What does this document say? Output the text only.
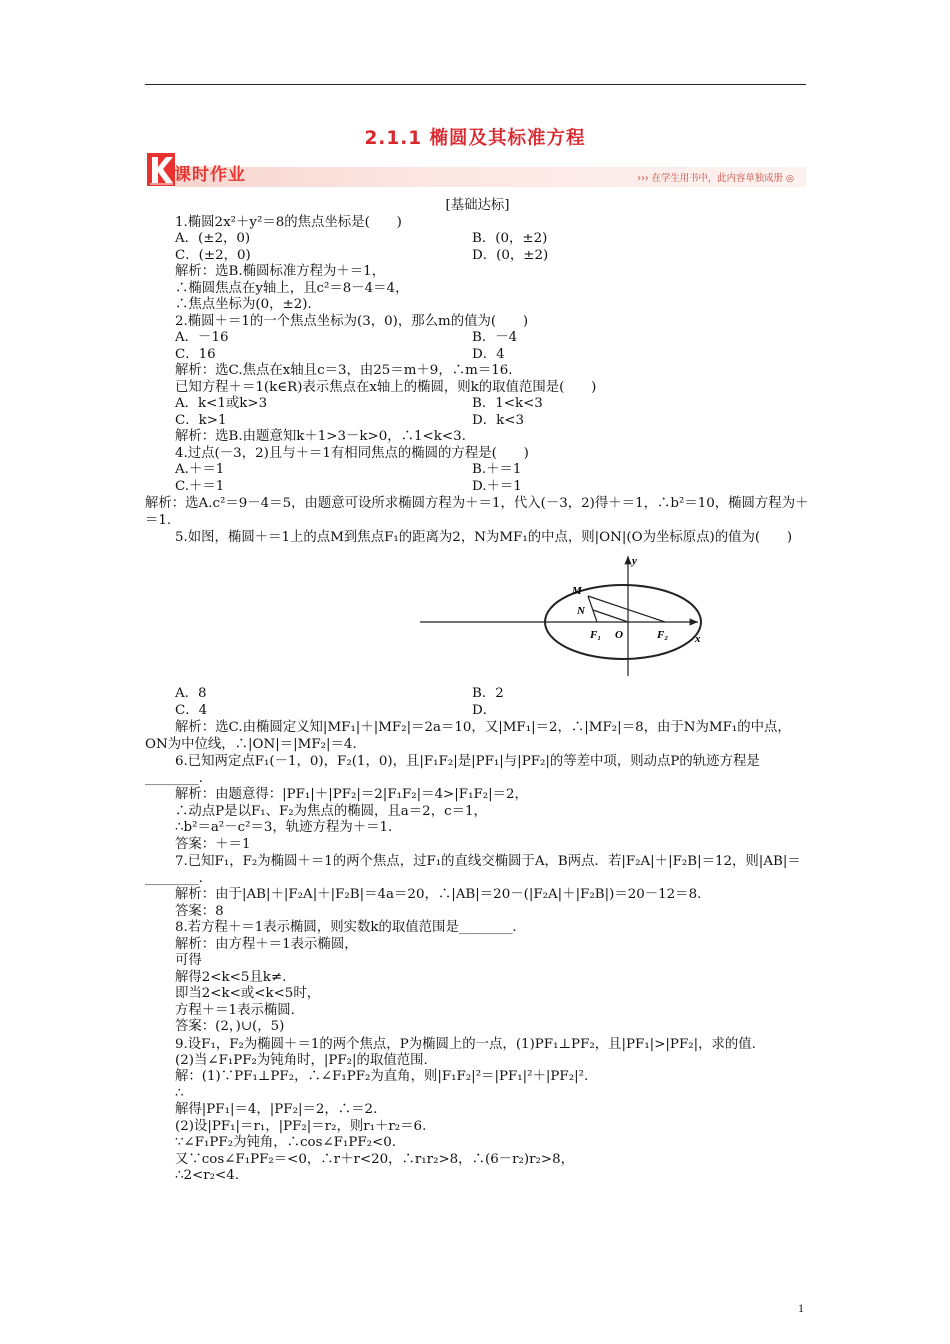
2.1.1 椭圆及其标准方程
课时作业	››› 在学生用书中，此内容单独成册 ◎
[基础达标]
1.椭圆2x²＋y²＝8的焦点坐标是(　　)
A．(±2，0)	B．(0，±2)
C．(±2，0)	D．(0，±2)
解析：选B.椭圆标准方程为＋＝1，
∴椭圆焦点在y轴上，且c²＝8－4＝4，
∴焦点坐标为(0，±2)．
2.椭圆＋＝1的一个焦点坐标为(3，0)，那么m的值为(　　)
A．－16	B．－4
C．16	D．4
解析：选C.焦点在x轴且c＝3，由25＝m＋9，∴m＝16.
已知方程＋＝1(k∈R)表示焦点在x轴上的椭圆，则k的取值范围是(　　)
A．k<1或k>3	B．1<k<3
C．k>1	D．k<3
解析：选B.由题意知k＋1>3－k>0，∴1<k<3.
4.过点(－3，2)且与＋＝1有相同焦点的椭圆的方程是(　　)
A.＋＝1	B.＋＝1
C.＋＝1	D.＋＝1
解析：选A.c²＝9－4＝5，由题意可设所求椭圆方程为＋＝1，代入(－3，2)得＋＝1，∴b²＝10，椭圆方程为＋＝1.
5.如图，椭圆＋＝1上的点M到焦点F₁的距离为2，N为MF₁的中点，则|ON|(O为坐标原点)的值为(　　)
y
x
M
N
F₁ O	F₂
A．8	B．2
C．4	D．
解析：选C.由椭圆定义知|MF₁|＋|MF₂|＝2a＝10，又|MF₁|＝2，∴|MF₂|＝8，由于N为MF₁的中点，ON为中位线，∴|ON|＝|MF₂|＝4.
6.已知两定点F₁(－1，0)，F₂(1，0)，且|F₁F₂|是|PF₁|与|PF₂|的等差中项，则动点P的轨迹方程是________.
解析：由题意得：|PF₁|＋|PF₂|＝2|F₁F₂|＝4>|F₁F₂|＝2，
∴动点P是以F₁、F₂为焦点的椭圆，且a＝2，c＝1，
∴b²＝a²－c²＝3，轨迹方程为＋＝1.
答案：＋＝1
7.已知F₁，F₂为椭圆＋＝1的两个焦点，过F₁的直线交椭圆于A，B两点．若|F₂A|＋|F₂B|＝12，则|AB|＝________.
解析：由于|AB|＋|F₂A|＋|F₂B|＝4a＝20，∴|AB|＝20－(|F₂A|＋|F₂B|)＝20－12＝8.
答案：8
8.若方程＋＝1表示椭圆，则实数k的取值范围是________.
解析：由方程＋＝1表示椭圆，
可得
解得2<k<5且k≠.
即当2<k<或<k<5时，
方程＋＝1表示椭圆.
答案：(2，)∪(，5)
9.设F₁，F₂为椭圆＋＝1的两个焦点，P为椭圆上的一点，(1)PF₁⊥PF₂，且|PF₁|>|PF₂|，求的值.
(2)当∠F₁PF₂为钝角时，|PF₂|的取值范围.
解：(1)∵PF₁⊥PF₂，∴∠F₁PF₂为直角，则|F₁F₂|²＝|PF₁|²＋|PF₂|².
∴
解得|PF₁|＝4，|PF₂|＝2，∴＝2.
(2)设|PF₁|＝r₁，|PF₂|＝r₂，则r₁＋r₂＝6.
∵∠F₁PF₂为钝角，∴cos∠F₁PF₂<0.
又∵cos∠F₁PF₂＝<0，∴r＋r<20，∴r₁r₂>8，∴(6－r₂)r₂>8，
∴2<r₂<4.
1
